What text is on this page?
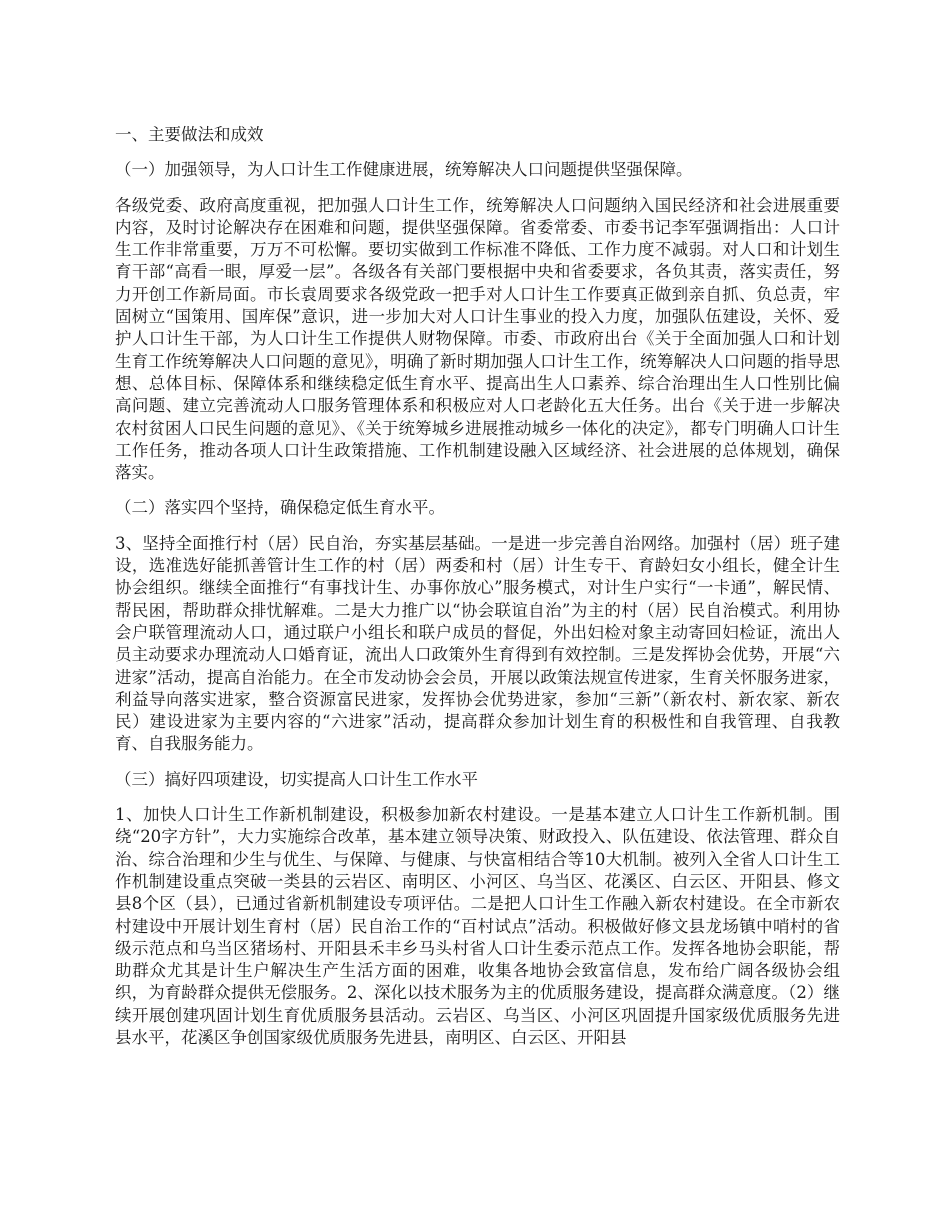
一、主要做法和成效

（一）加强领导，为人口计生工作健康进展，统筹解决人口问题提供坚强保障。

各级党委、政府高度重视，把加强人口计生工作，统筹解决人口问题纳入国民经济和社会进展重要内容，及时讨论解决存在困难和问题，提供坚强保障。省委常委、市委书记李军强调指出：人口计生工作非常重要，万万不可松懈。要切实做到工作标准不降低、工作力度不减弱。对人口和计划生育干部“高看一眼，厚爱一层”。各级各有关部门要根据中央和省委要求，各负其责，落实责任，努力开创工作新局面。市长袁周要求各级党政一把手对人口计生工作要真正做到亲自抓、负总责，牢固树立“国策用、国库保”意识，进一步加大对人口计生事业的投入力度，加强队伍建设，关怀、爱护人口计生干部，为人口计生工作提供人财物保障。市委、市政府出台《关于全面加强人口和计划生育工作统筹解决人口问题的意见》，明确了新时期加强人口计生工作，统筹解决人口问题的指导思想、总体目标、保障体系和继续稳定低生育水平、提高出生人口素养、综合治理出生人口性别比偏高问题、建立完善流动人口服务管理体系和积极应对人口老龄化五大任务。出台《关于进一步解决农村贫困人口民生问题的意见》、《关于统筹城乡进展推动城乡一体化的决定》，都专门明确人口计生工作任务，推动各项人口计生政策措施、工作机制建设融入区域经济、社会进展的总体规划，确保落实。

（二）落实四个坚持，确保稳定低生育水平。

3、坚持全面推行村（居）民自治，夯实基层基础。一是进一步完善自治网络。加强村（居）班子建设，选准选好能抓善管计生工作的村（居）两委和村（居）计生专干、育龄妇女小组长，健全计生协会组织。继续全面推行“有事找计生、办事你放心”服务模式，对计生户实行“一卡通”，解民情、帮民困，帮助群众排忧解难。二是大力推广以“协会联谊自治”为主的村（居）民自治模式。利用协会户联管理流动人口，通过联户小组长和联户成员的督促，外出妇检对象主动寄回妇检证，流出人员主动要求办理流动人口婚育证，流出人口政策外生育得到有效控制。三是发挥协会优势，开展“六进家”活动，提高自治能力。在全市发动协会会员，开展以政策法规宣传进家，生育关怀服务进家，利益导向落实进家，整合资源富民进家，发挥协会优势进家，参加“三新”（新农村、新农家、新农民）建设进家为主要内容的“六进家”活动，提高群众参加计划生育的积极性和自我管理、自我教育、自我服务能力。

（三）搞好四项建设，切实提高人口计生工作水平

1、加快人口计生工作新机制建设，积极参加新农村建设。一是基本建立人口计生工作新机制。围绕“20字方针”，大力实施综合改革，基本建立领导决策、财政投入、队伍建设、依法管理、群众自治、综合治理和少生与优生、与保障、与健康、与快富相结合等10大机制。被列入全省人口计生工作机制建设重点突破一类县的云岩区、南明区、小河区、乌当区、花溪区、白云区、开阳县、修文县8个区（县），已通过省新机制建设专项评估。二是把人口计生工作融入新农村建设。在全市新农村建设中开展计划生育村（居）民自治工作的“百村试点”活动。积极做好修文县龙场镇中哨村的省级示范点和乌当区猪场村、开阳县禾丰乡马头村省人口计生委示范点工作。发挥各地协会职能，帮助群众尤其是计生户解决生产生活方面的困难，收集各地协会致富信息，发布给广阔各级协会组织，为育龄群众提供无偿服务。2、深化以技术服务为主的优质服务建设，提高群众满意度。（2）继续开展创建巩固计划生育优质服务县活动。云岩区、乌当区、小河区巩固提升国家级优质服务先进县水平，花溪区争创国家级优质服务先进县，南明区、白云区、开阳县
